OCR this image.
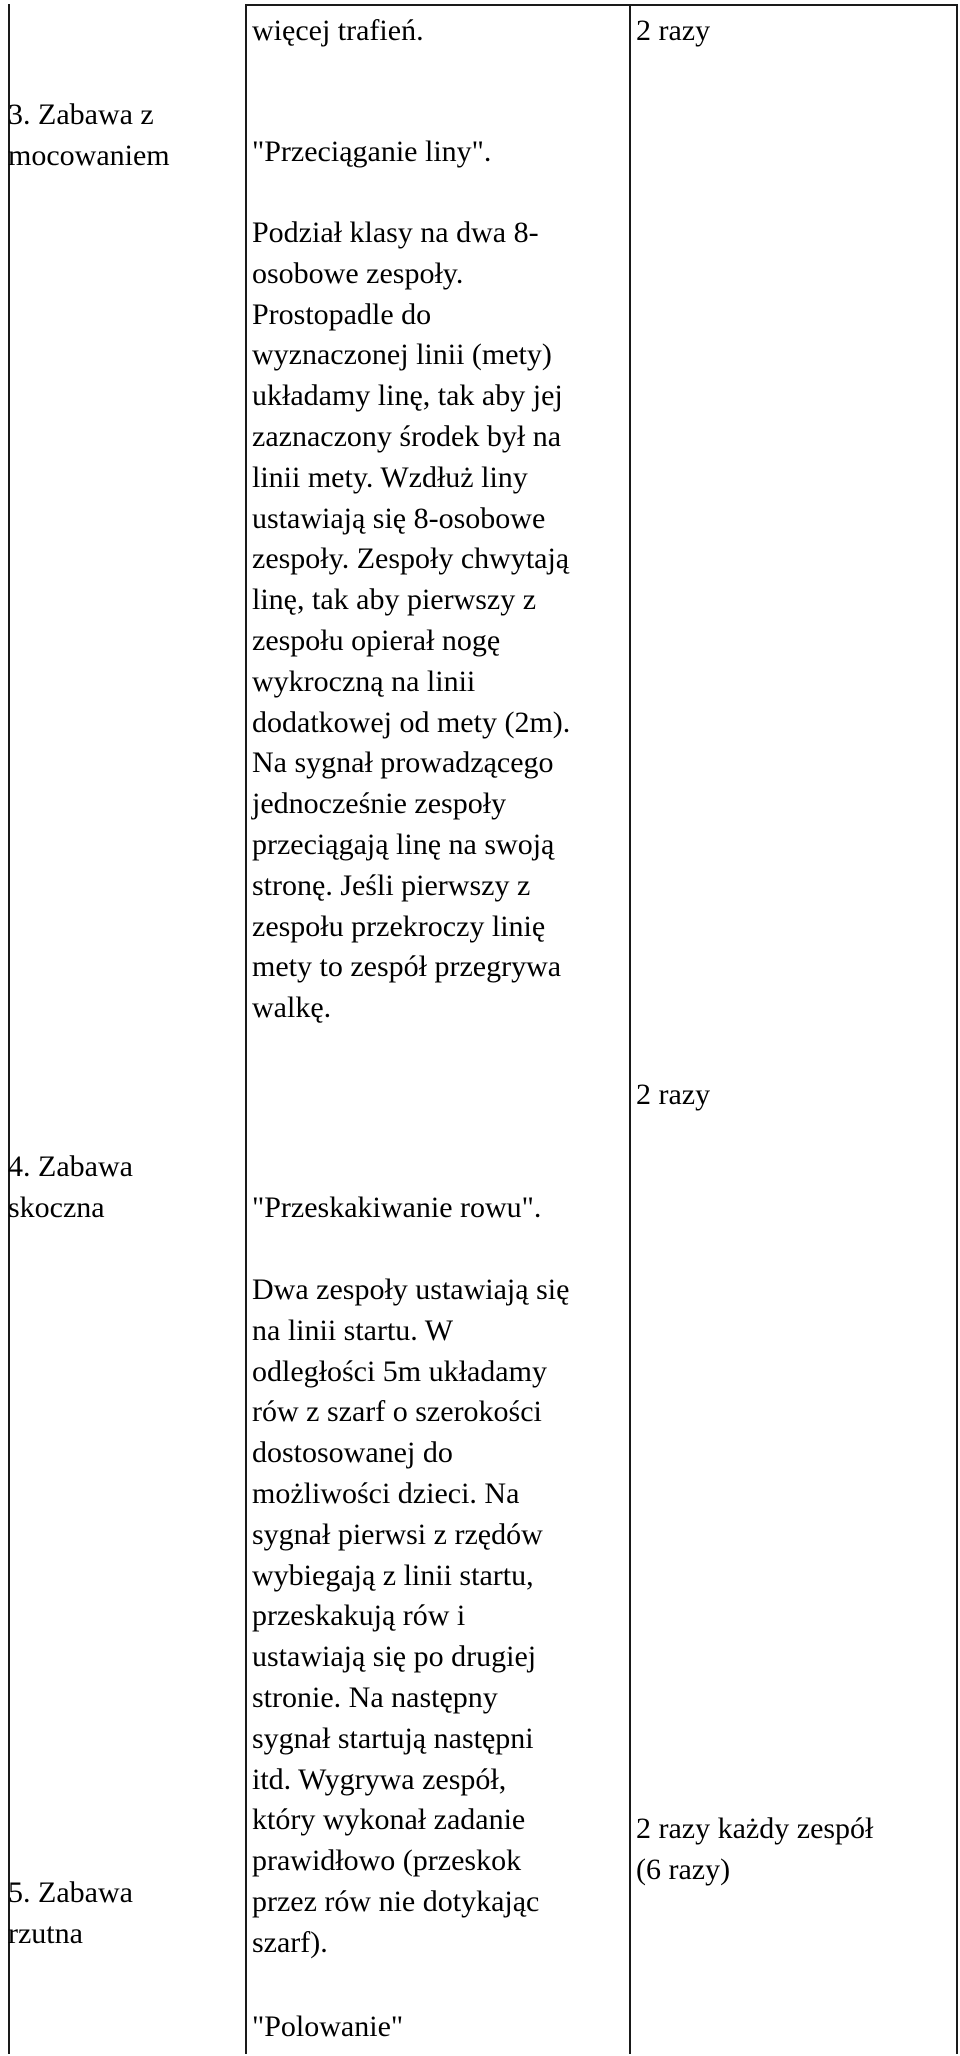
3. Zabawa z
mocowaniem

4. Zabawa
skoczna

5. Zabawa
rzutna

więcej trafień.

"Przeciąganie liny".

Podział klasy na dwa 8-
osobowe zespoły.
Prostopadle do
wyznaczonej linii (mety)
układamy linę, tak aby jej
zaznaczony środek był na
linii mety. Wzdłuż liny
ustawiają się 8-osobowe
zespoły. Zespoły chwytają
linę, tak aby pierwszy z
zespołu opierał nogę
wykroczną na linii
dodatkowej od mety (2m).
Na sygnał prowadzącego
jednocześnie zespoły
przeciągają linę na swoją
stronę. Jeśli pierwszy z
zespołu przekroczy linię
mety to zespół przegrywa
walkę.

"Przeskakiwanie rowu".

Dwa zespoły ustawiają się
na linii startu. W
odległości 5m układamy
rów z szarf o szerokości
dostosowanej do
możliwości dzieci. Na
sygnał pierwsi z rzędów
wybiegają z linii startu,
przeskakują rów i
ustawiają się po drugiej
stronie. Na następny
sygnał startują następni
itd. Wygrywa zespół,
który wykonał zadanie
prawidłowo (przeskok
przez rów nie dotykając
szarf).

"Polowanie"

2 razy

2 razy

2 razy każdy zespół
(6 razy)
